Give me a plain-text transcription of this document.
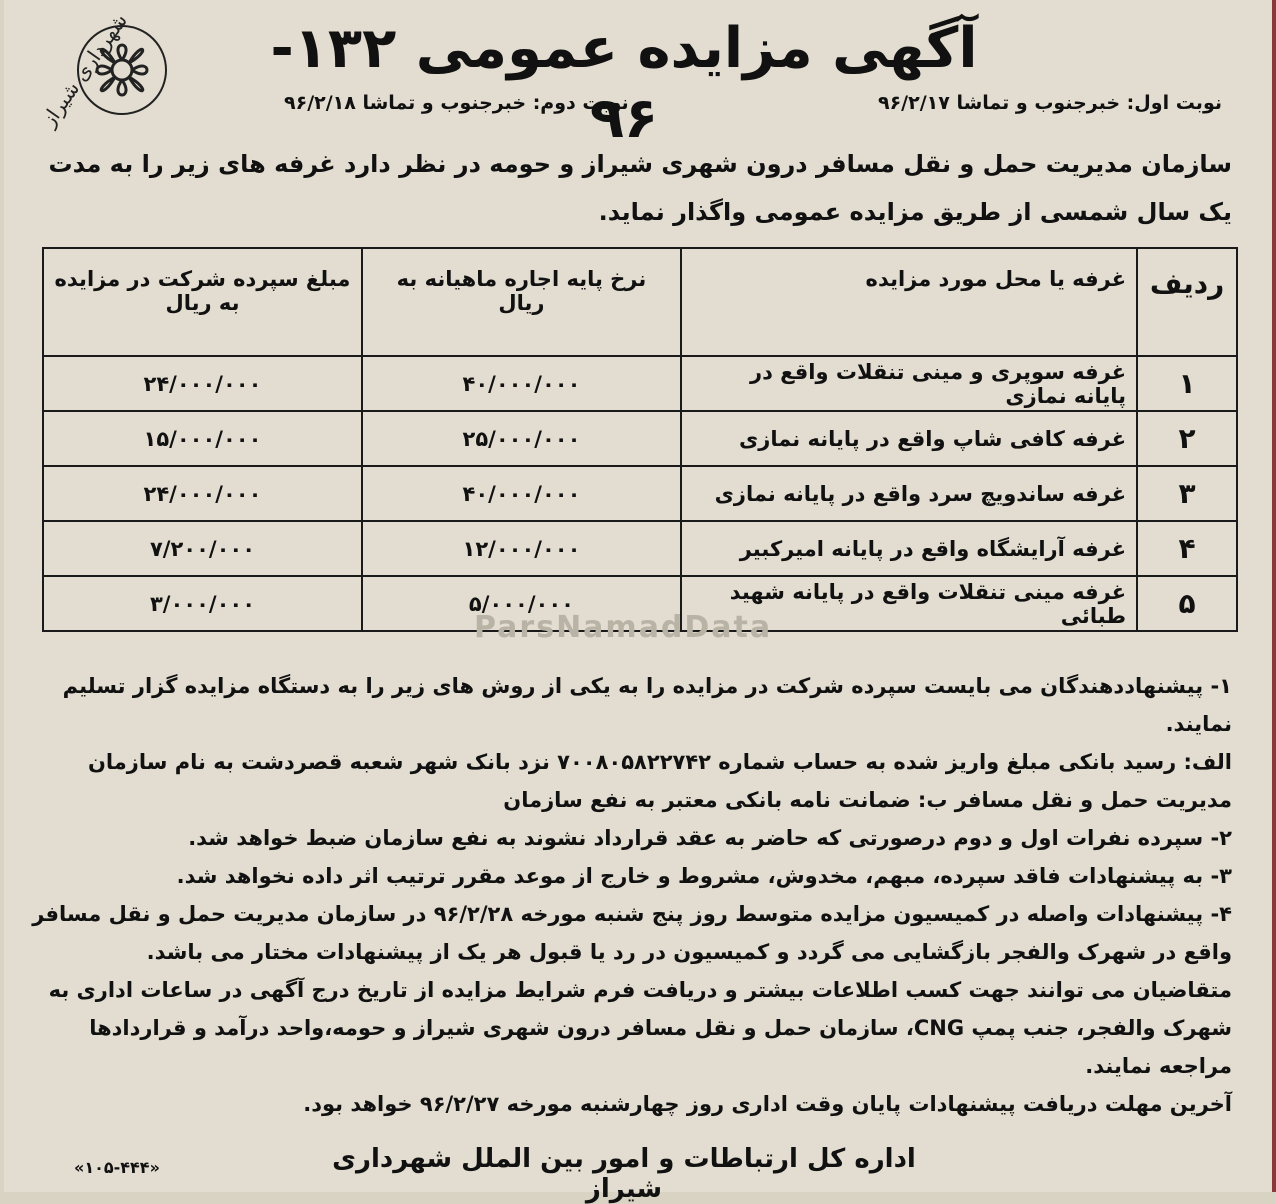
شهرداری شیراز آگهی مزایده عمومی ۱۳۲- ۹۶	نوبت اول: خبرجنوب و تماشا ۹۶/۲/۱۷
نوبت دوم: خبرجنوب و تماشا ۹۶/۲/۱۸
سازمان مدیریت حمل و نقل مسافر درون شهری شیراز و حومه در نظر دارد غرفه های زیر را به مدت یک سال شمسی از طریق مزایده عمومی واگذار نماید.
ردیف	غرفه یا محل مورد مزایده	نرخ پایه اجاره ماهیانه به ریال	مبلغ سپرده شرکت در مزایده به ریال
۱	غرفه سوپری و مینی تنقلات واقع در پایانه نمازی	۴۰/۰۰۰/۰۰۰	۲۴/۰۰۰/۰۰۰
۲	غرفه کافی شاپ واقع در پایانه نمازی	۲۵/۰۰۰/۰۰۰	۱۵/۰۰۰/۰۰۰
۳	غرفه ساندویچ سرد واقع در پایانه نمازی	۴۰/۰۰۰/۰۰۰	۲۴/۰۰۰/۰۰۰
۴	غرفه آرایشگاه واقع در پایانه امیرکبیر	۱۲/۰۰۰/۰۰۰	۷/۲۰۰/۰۰۰
۵	غرفه مینی تنقلات واقع در پایانه شهید طبائی	۵/۰۰۰/۰۰۰	۳/۰۰۰/۰۰۰
ParsNamadData

۱- پیشنهاددهندگان می بایست سپرده شرکت در مزایده را به یکی از روش های زیر را به دستگاه مزایده گزار تسلیم نمایند.

الف: رسید بانکی مبلغ واریز شده به حساب شماره ۷۰۰۸۰۵۸۲۲۷۴۲ نزد بانک شهر شعبه قصردشت به نام سازمان مدیریت حمل و نقل مسافر ب: ضمانت نامه بانکی معتبر به نفع سازمان

۲- سپرده نفرات اول و دوم درصورتی که حاضر به عقد قرارداد نشوند به نفع سازمان ضبط خواهد شد.

۳- به پیشنهادات فاقد سپرده، مبهم، مخدوش، مشروط و خارج از موعد مقرر ترتیب اثر داده نخواهد شد.

۴- پیشنهادات واصله در کمیسیون مزایده متوسط روز پنج شنبه مورخه ۹۶/۲/۲۸ در سازمان مدیریت حمل و نقل مسافر واقع در شهرک والفجر بازگشایی می گردد و کمیسیون در رد یا قبول هر یک از پیشنهادات مختار می باشد.

متقاضیان می توانند جهت کسب اطلاعات بیشتر و دریافت فرم شرایط مزایده از تاریخ درج آگهی در ساعات اداری به شهرک والفجر، جنب پمپ CNG، سازمان حمل و نقل مسافر درون شهری شیراز و حومه،واحد درآمد و قراردادها مراجعه نمایند.

آخرین مهلت دریافت پیشنهادات پایان وقت اداری روز چهارشنبه مورخه ۹۶/۲/۲۷ خواهد بود.

«۱۰۵-۴۴۴»	اداره کل ارتباطات و امور بین الملل شهرداری شیراز
